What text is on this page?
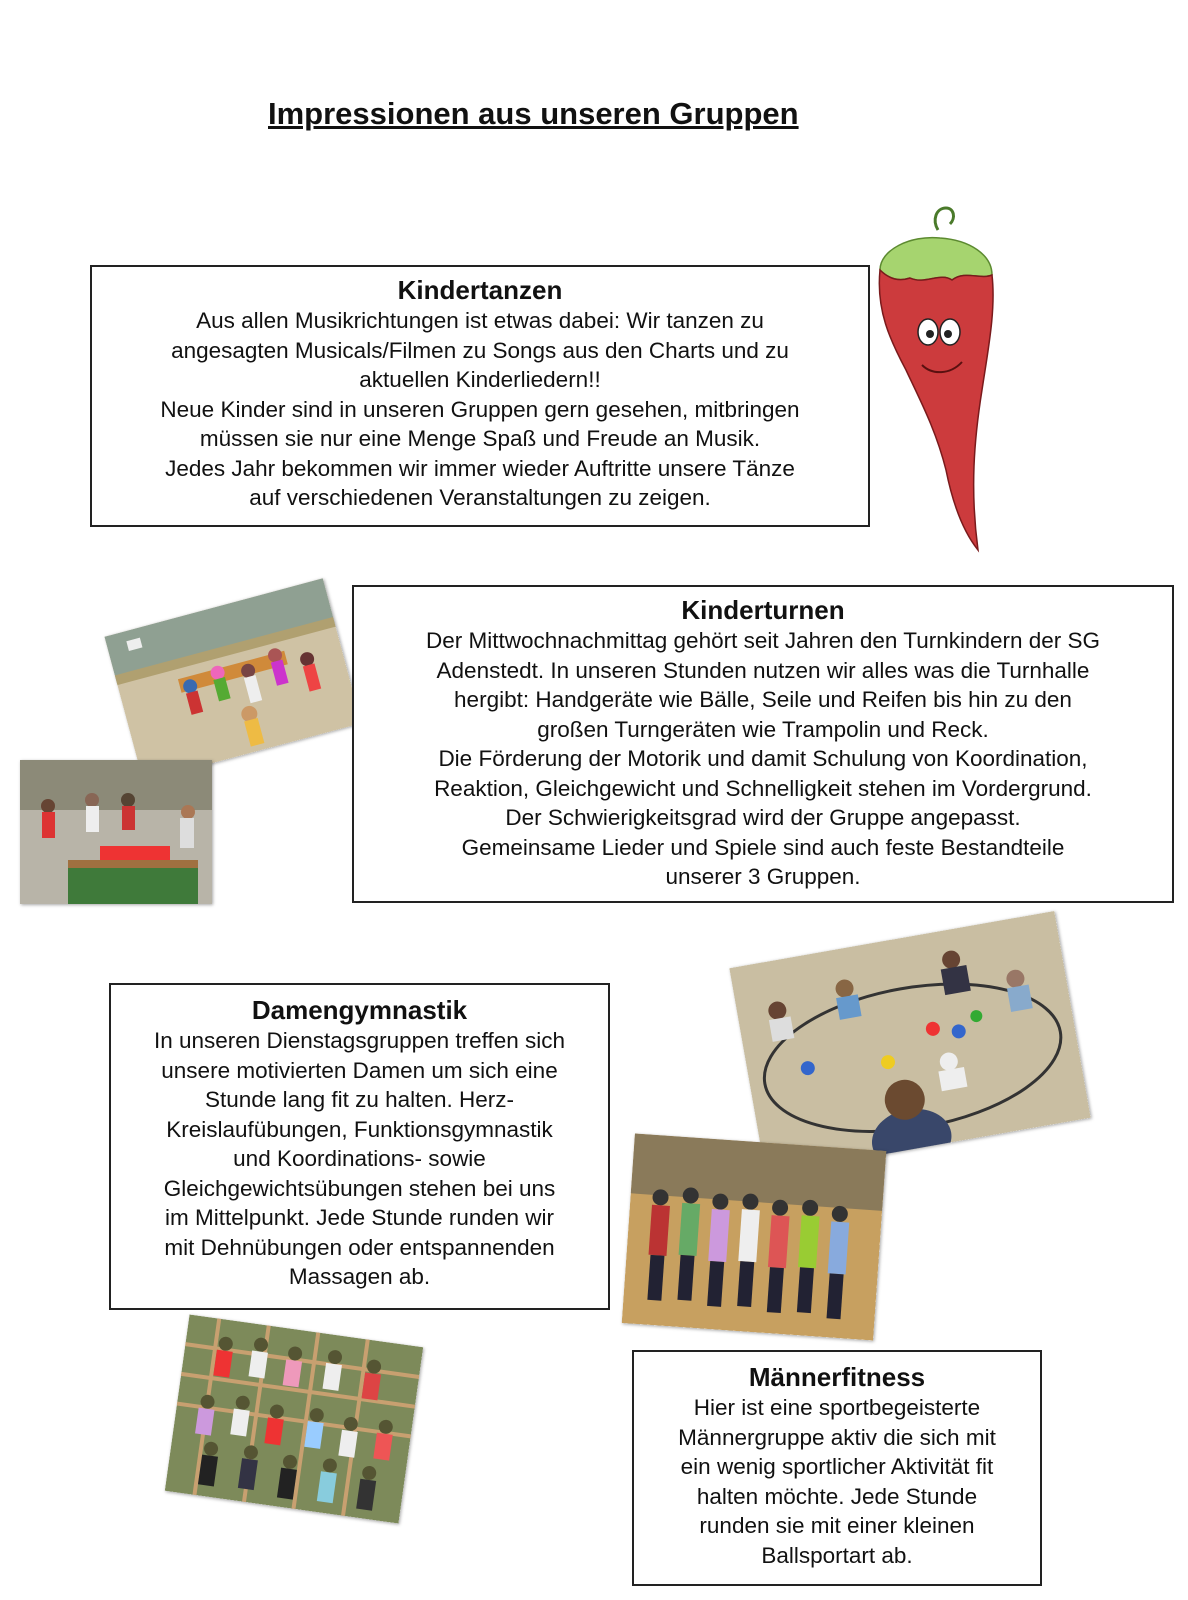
Impressionen aus unseren Gruppen
Kindertanzen

Aus allen Musikrichtungen ist etwas dabei: Wir tanzen zu

angesagten Musicals/Filmen zu Songs aus den Charts und zu

aktuellen Kinderliedern!!

Neue Kinder sind in unseren Gruppen gern gesehen, mitbringen

müssen sie nur eine Menge Spaß und Freude an Musik.

Jedes Jahr bekommen wir immer wieder Auftritte unsere Tänze

auf verschiedenen Veranstaltungen zu zeigen.

Kinderturnen

Der Mittwochnachmittag gehört seit Jahren den Turnkindern der SG

Adenstedt. In unseren Stunden nutzen wir alles was die Turnhalle

hergibt: Handgeräte wie Bälle, Seile und Reifen bis hin zu den

großen Turngeräten wie Trampolin und Reck.

Die Förderung der Motorik und damit Schulung von Koordination,

Reaktion, Gleichgewicht und Schnelligkeit stehen im Vordergrund.

Der Schwierigkeitsgrad wird der Gruppe angepasst.

Gemeinsame Lieder und Spiele sind auch feste Bestandteile

unserer 3 Gruppen.

Damengymnastik

In unseren Dienstagsgruppen treffen sich

unsere motivierten Damen um sich eine

Stunde lang fit zu halten. Herz-

Kreislaufübungen, Funktionsgymnastik

und Koordinations- sowie

Gleichgewichtsübungen stehen bei uns

im Mittelpunkt. Jede Stunde runden wir

mit Dehnübungen oder entspannenden

Massagen ab.

Männerfitness

Hier ist eine sportbegeisterte

Männergruppe aktiv die sich mit

ein wenig sportlicher Aktivität fit

halten möchte. Jede Stunde

runden sie mit einer kleinen

Ballsportart ab.
